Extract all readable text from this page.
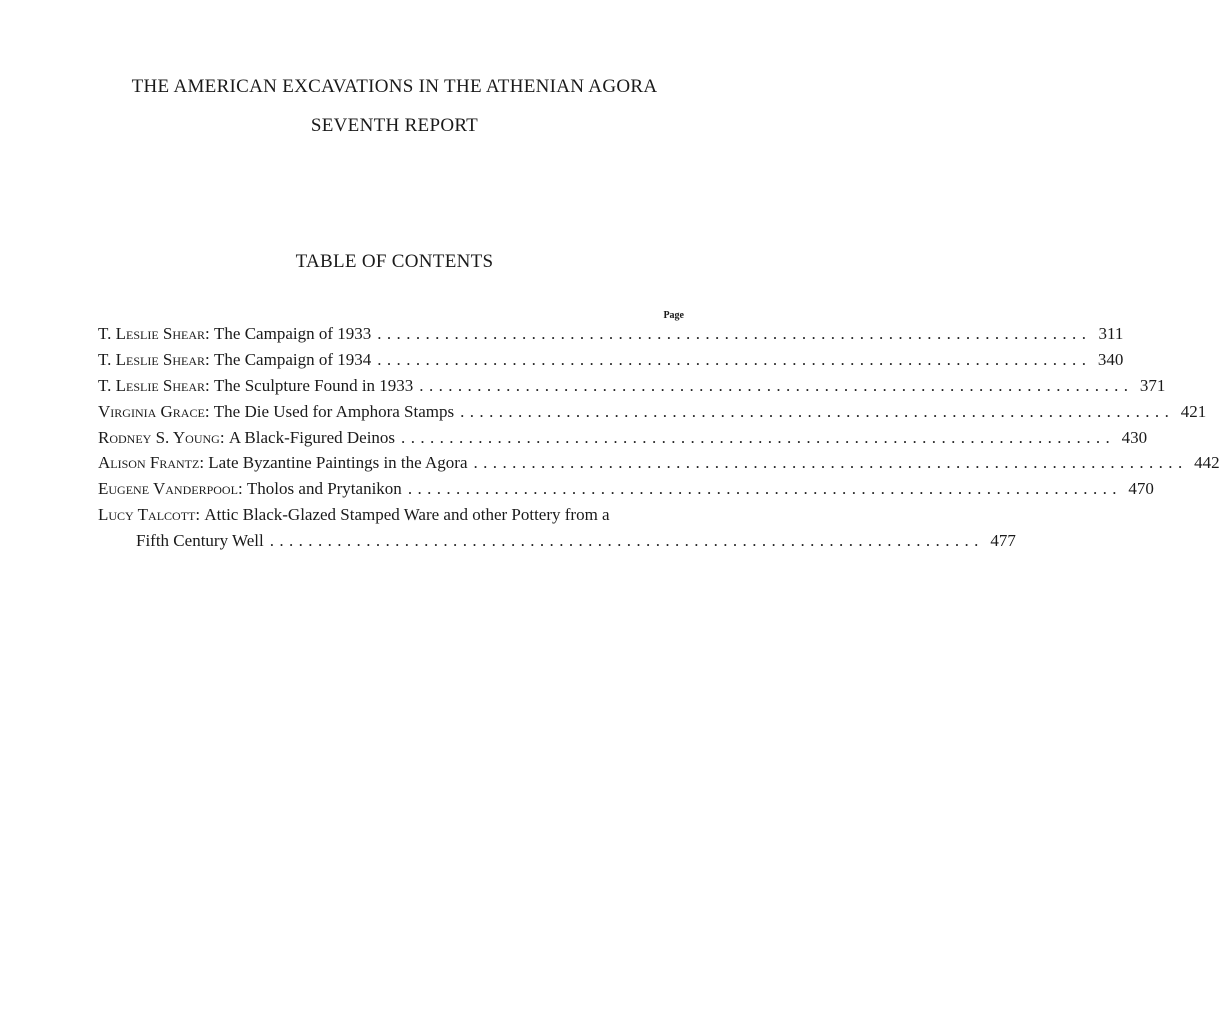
THE AMERICAN EXCAVATIONS IN THE ATHENIAN AGORA
SEVENTH REPORT
TABLE OF CONTENTS
Page
T. Leslie Shear : The Campaign of 1933 .......................................................................... 311
T. Leslie Shear : The Campaign of 1934 .......................................................................... 340
T. Leslie Shear : The Sculpture Found in 1933 .......................................................................... 371
Virginia Grace : The Die Used for Amphora Stamps .......................................................................... 421
Rodney S. Young : A Black-Figured Deinos .......................................................................... 430
Alison Frantz : Late Byzantine Paintings in the Agora .......................................................................... 442
Eugene Vanderpool : Tholos and Prytanikon .......................................................................... 470
Lucy Talcott : Attic Black-Glazed Stamped Ware and other Pottery from a
Fifth Century Well .......................................................................... 477
